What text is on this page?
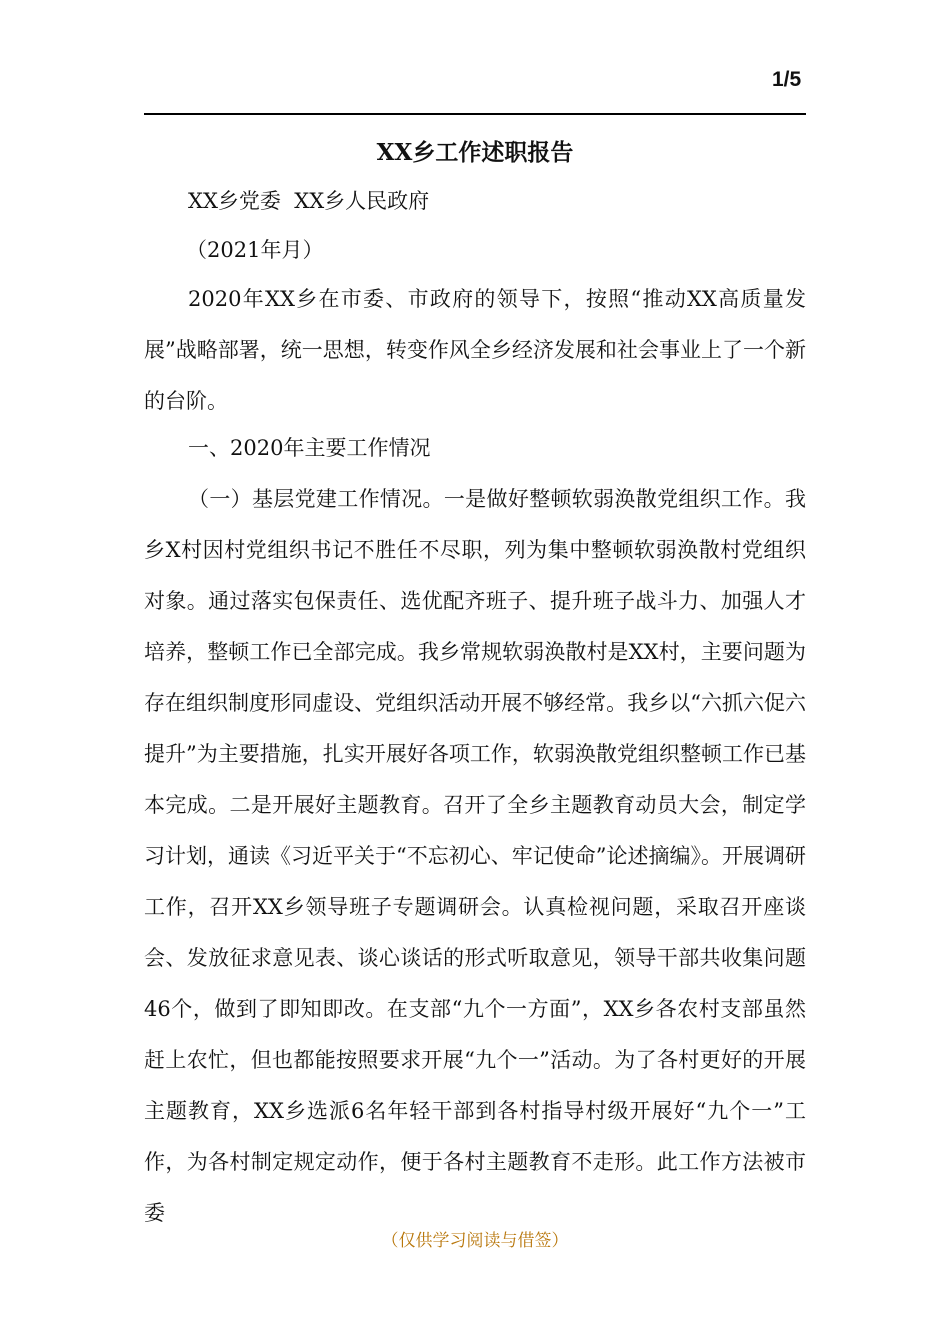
1/5
XX乡工作述职报告
XX乡党委  XX乡人民政府
（2021年月）

2020年XX乡在市委、市政府的领导下，按照“推动XX高质量发展”战略部署，统一思想，转变作风全乡经济发展和社会事业上了一个新的台阶。

一、2020年主要工作情况

（一）基层党建工作情况。一是做好整顿软弱涣散党组织工作。我乡X村因村党组织书记不胜任不尽职，列为集中整顿软弱涣散村党组织对象。通过落实包保责任、选优配齐班子、提升班子战斗力、加强人才培养，整顿工作已全部完成。我乡常规软弱涣散村是XX村，主要问题为存在组织制度形同虚设、党组织活动开展不够经常。我乡以“六抓六促六提升”为主要措施，扎实开展好各项工作，软弱涣散党组织整顿工作已基本完成。二是开展好主题教育。召开了全乡主题教育动员大会，制定学习计划，通读《习近平关于“不忘初心、牢记使命”论述摘编》。开展调研工作，召开XX乡领导班子专题调研会。认真检视问题，采取召开座谈会、发放征求意见表、谈心谈话的形式听取意见，领导干部共收集问题46个，做到了即知即改。在支部“九个一方面”，XX乡各农村支部虽然赶上农忙，但也都能按照要求开展“九个一”活动。为了各村更好的开展主题教育，XX乡选派6名年轻干部到各村指导村级开展好“九个一”工作，为各村制定规定动作，便于各村主题教育不走形。此工作方法被市委

（仅供学习阅读与借签）
